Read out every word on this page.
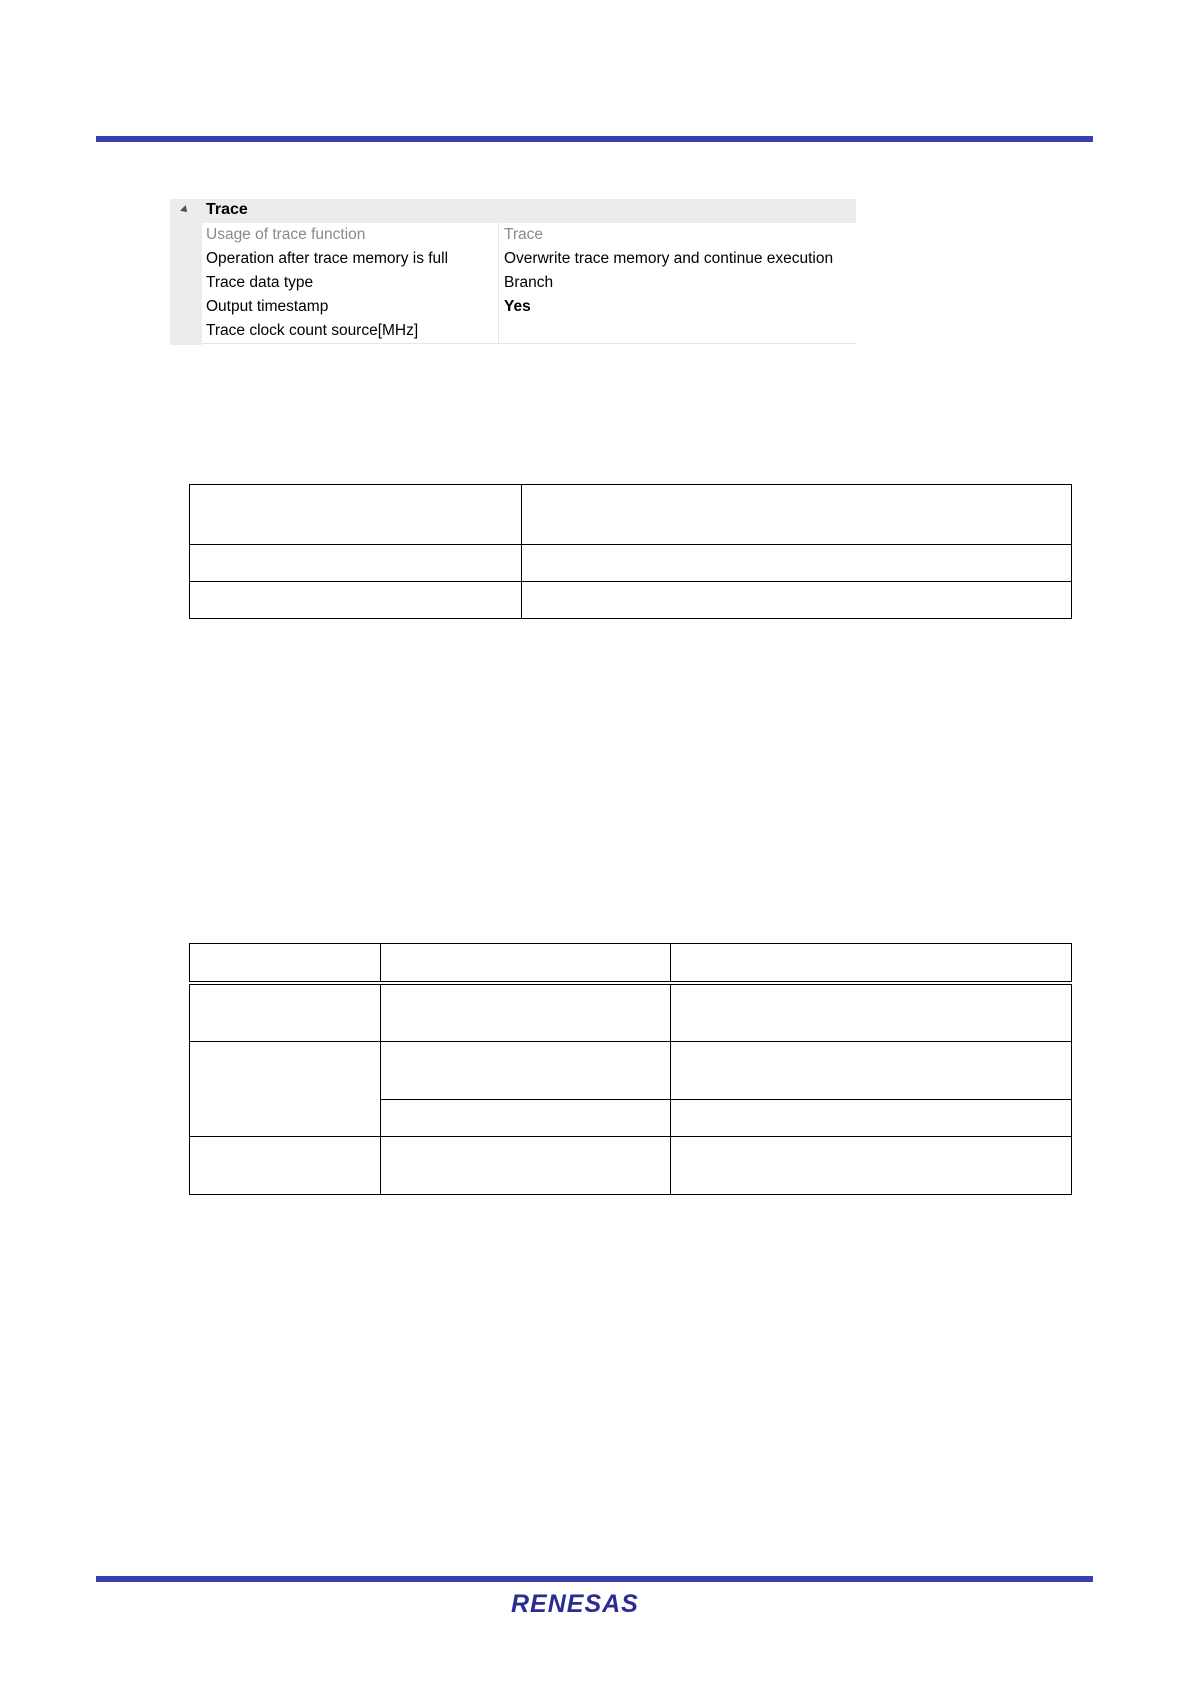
Trace
Usage of trace function	Trace
Operation after trace memory is full	Overwrite trace memory and continue execution
Trace data type	Branch
Output timestamp	Yes
Trace clock count source[MHz]

RENESAS
